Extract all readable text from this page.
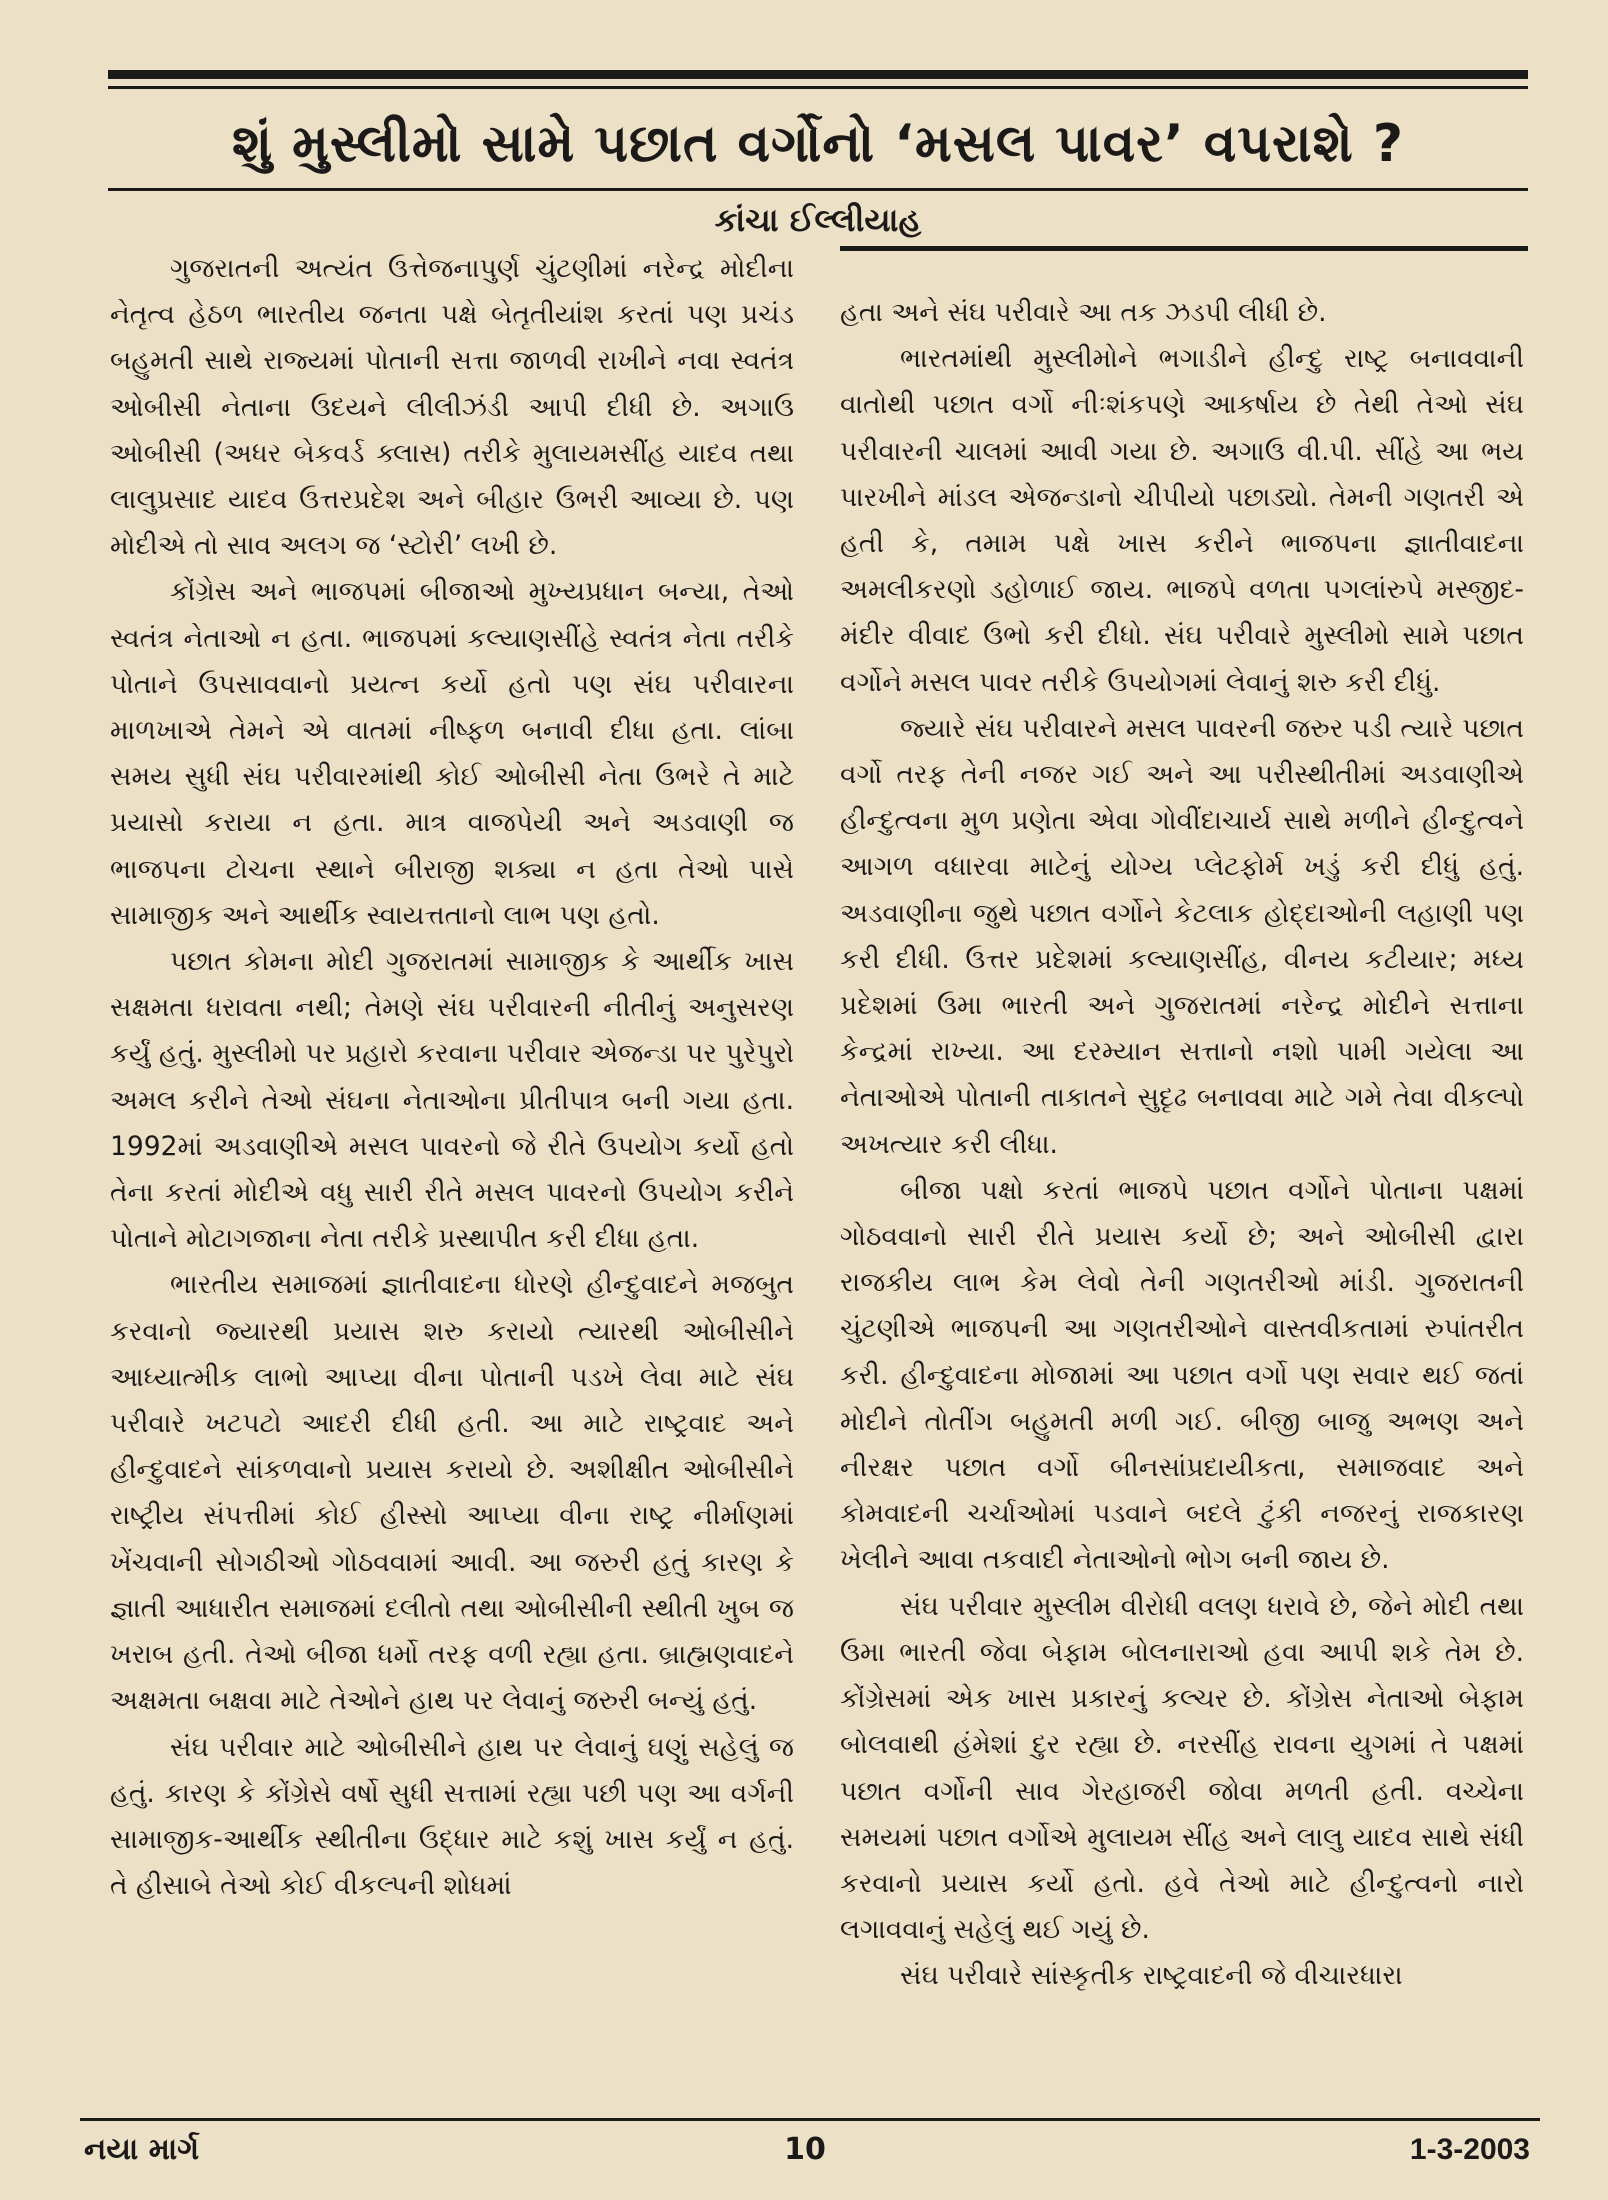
શું મુસ્લીમો સામે પછાત વર્ગોનો ‘મસલ પાવર’ વપરાશે ?
કાંચા ઈલ્લીયાહ

ગુજરાતની અત્યંત ઉત્તેજનાપુર્ણ ચુંટણીમાં નરેન્દ્ર મોદીના નેતૃત્વ હેઠળ ભારતીય જનતા પક્ષે બેતૃતીયાંશ કરતાં પણ પ્રચંડ બહુમતી સાથે રાજ્યમાં પોતાની સત્તા જાળવી રાખીને નવા સ્વતંત્ર ઓબીસી નેતાના ઉદયને લીલીઝંડી આપી દીધી છે. અગાઉ ઓબીસી (અધર બેકવર્ડ ક્લાસ) તરીકે મુલાયમસીંહ યાદવ તથા લાલુપ્રસાદ યાદવ ઉત્તરપ્રદેશ અને બીહાર ઉભરી આવ્યા છે. પણ મોદીએ તો સાવ અલગ જ ‘સ્ટોરી’ લખી છે.

કોંગ્રેસ અને ભાજપમાં બીજાઓ મુખ્યપ્રધાન બન્યા, તેઓ સ્વતંત્ર નેતાઓ ન હતા. ભાજપમાં કલ્યાણસીંહે સ્વતંત્ર નેતા તરીકે પોતાને ઉપસાવવાનો પ્રયત્ન કર્યો હતો પણ સંઘ પરીવારના માળખાએ તેમને એ વાતમાં નીષ્ફળ બનાવી દીધા હતા. લાંબા સમય સુધી સંઘ પરીવારમાંથી કોઈ ઓબીસી નેતા ઉભરે તે માટે પ્રયાસો કરાયા ન હતા. માત્ર વાજપેયી અને અડવાણી જ ભાજપના ટોચના સ્થાને બીરાજી શક્યા ન હતા તેઓ પાસે સામાજીક અને આર્થીક સ્વાયત્તતાનો લાભ પણ હતો.

પછાત કોમના મોદી ગુજરાતમાં સામાજીક કે આર્થીક ખાસ સક્ષમતા ધરાવતા નથી; તેમણે સંઘ પરીવારની નીતીનું અનુસરણ કર્યું હતું. મુસ્લીમો પર પ્રહારો કરવાના પરીવાર એજન્ડા પર પુરેપુરો અમલ કરીને તેઓ સંઘના નેતાઓના પ્રીતીપાત્ર બની ગયા હતા. 1992માં અડવાણીએ મસલ પાવરનો જે રીતે ઉપયોગ કર્યો હતો તેના કરતાં મોદીએ વધુ સારી રીતે મસલ પાવરનો ઉપયોગ કરીને પોતાને મોટાગજાના નેતા તરીકે પ્રસ્થાપીત કરી દીધા હતા.

ભારતીય સમાજમાં જ્ઞાતીવાદના ધોરણે હીન્દુવાદને મજબુત કરવાનો જ્યારથી પ્રયાસ શરુ કરાયો ત્યારથી ઓબીસીને આધ્યાત્મીક લાભો આપ્યા વીના પોતાની પડખે લેવા માટે સંઘ પરીવારે ખટપટો આદરી દીધી હતી. આ માટે રાષ્ટ્રવાદ અને હીન્દુવાદને સાંકળવાનો પ્રયાસ કરાયો છે. અશીક્ષીત ઓબીસીને રાષ્ટ્રીય સંપત્તીમાં કોઈ હીસ્સો આપ્યા વીના રાષ્ટ્ર નીર્માણમાં ખેંચવાની સોગઠીઓ ગોઠવવામાં આવી. આ જરુરી હતું કારણ કે જ્ઞાતી આધારીત સમાજમાં દલીતો તથા ઓબીસીની સ્થીતી ખુબ જ ખરાબ હતી. તેઓ બીજા ધર્મો તરફ વળી રહ્યા હતા. બ્રાહ્મણવાદને અક્ષમતા બક્ષવા માટે તેઓને હાથ પર લેવાનું જરુરી બન્યું હતું.

સંઘ પરીવાર માટે ઓબીસીને હાથ પર લેવાનું ઘણું સહેલું જ હતું. કારણ કે કોંગ્રેસે વર્ષો સુધી સત્તામાં રહ્યા પછી પણ આ વર્ગની સામાજીક-આર્થીક સ્થીતીના ઉદ્ધાર માટે કશું ખાસ કર્યું ન હતું. તે હીસાબે તેઓ કોઈ વીકલ્પની શોધમાં

હતા અને સંઘ પરીવારે આ તક ઝડપી લીધી છે.

ભારતમાંથી મુસ્લીમોને ભગાડીને હીન્દુ રાષ્ટ્ર બનાવવાની વાતોથી પછાત વર્ગો નીઃશંકપણે આકર્ષાય છે તેથી તેઓ સંઘ પરીવારની ચાલમાં આવી ગયા છે. અગાઉ વી.પી. સીંહે આ ભય પારખીને માંડલ એજન્ડાનો ચીપીયો પછાડ્યો. તેમની ગણતરી એ હતી કે, તમામ પક્ષે ખાસ કરીને ભાજપના જ્ઞાતીવાદના અમલીકરણો ડહોળાઈ જાય. ભાજપે વળતા પગલાંરુપે મસ્જીદ-મંદીર વીવાદ ઉભો કરી દીધો. સંઘ પરીવારે મુસ્લીમો સામે પછાત વર્ગોને મસલ પાવર તરીકે ઉપયોગમાં લેવાનું શરુ કરી દીધું.

જ્યારે સંઘ પરીવારને મસલ પાવરની જરુર પડી ત્યારે પછાત વર્ગો તરફ તેની નજર ગઈ અને આ પરીસ્થીતીમાં અડવાણીએ હીન્દુત્વના મુળ પ્રણેતા એવા ગોવીંદાચાર્ય સાથે મળીને હીન્દુત્વને આગળ વધારવા માટેનું યોગ્ય પ્લેટફોર્મ ખડું કરી દીધું હતું. અડવાણીના જુથે પછાત વર્ગોને કેટલાક હોદ્દાઓની લહાણી પણ કરી દીધી. ઉત્તર પ્રદેશમાં કલ્યાણસીંહ, વીનય કટીયાર; મધ્ય પ્રદેશમાં ઉમા ભારતી અને ગુજરાતમાં નરેન્દ્ર મોદીને સત્તાના કેન્દ્રમાં રાખ્યા. આ દરમ્યાન સત્તાનો નશો પામી ગયેલા આ નેતાઓએ પોતાની તાકાતને સુદૃઢ બનાવવા માટે ગમે તેવા વીકલ્પો અખત્યાર કરી લીધા.

બીજા પક્ષો કરતાં ભાજપે પછાત વર્ગોને પોતાના પક્ષમાં ગોઠવવાનો સારી રીતે પ્રયાસ કર્યો છે; અને ઓબીસી દ્વારા રાજકીય લાભ કેમ લેવો તેની ગણતરીઓ માંડી. ગુજરાતની ચુંટણીએ ભાજપની આ ગણતરીઓને વાસ્તવીકતામાં રુપાંતરીત કરી. હીન્દુવાદના મોજામાં આ પછાત વર્ગો પણ સવાર થઈ જતાં મોદીને તોતીંગ બહુમતી મળી ગઈ. બીજી બાજુ અભણ અને નીરક્ષર પછાત વર્ગો બીનસાંપ્રદાયીકતા, સમાજવાદ અને કોમવાદની ચર્ચાઓમાં પડવાને બદલે ટુંકી નજરનું રાજકારણ ખેલીને આવા તકવાદી નેતાઓનો ભોગ બની જાય છે.

સંઘ પરીવાર મુસ્લીમ વીરોધી વલણ ધરાવે છે, જેને મોદી તથા ઉમા ભારતી જેવા બેફામ બોલનારાઓ હવા આપી શકે તેમ છે. કોંગ્રેસમાં એક ખાસ પ્રકારનું કલ્ચર છે. કોંગ્રેસ નેતાઓ બેફામ બોલવાથી હંમેશાં દુર રહ્યા છે. નરસીંહ રાવના યુગમાં તે પક્ષમાં પછાત વર્ગોની સાવ ગેરહાજરી જોવા મળતી હતી. વચ્ચેના સમયમાં પછાત વર્ગોએ મુલાયમ સીંહ અને લાલુ યાદવ સાથે સંધી કરવાનો પ્રયાસ કર્યો હતો. હવે તેઓ માટે હીન્દુત્વનો નારો લગાવવાનું સહેલું થઈ ગયું છે.

સંઘ પરીવારે સાંસ્કૃતીક રાષ્ટ્રવાદની જે વીચારધારા

નયા માર્ગ	10	1-3-2003
